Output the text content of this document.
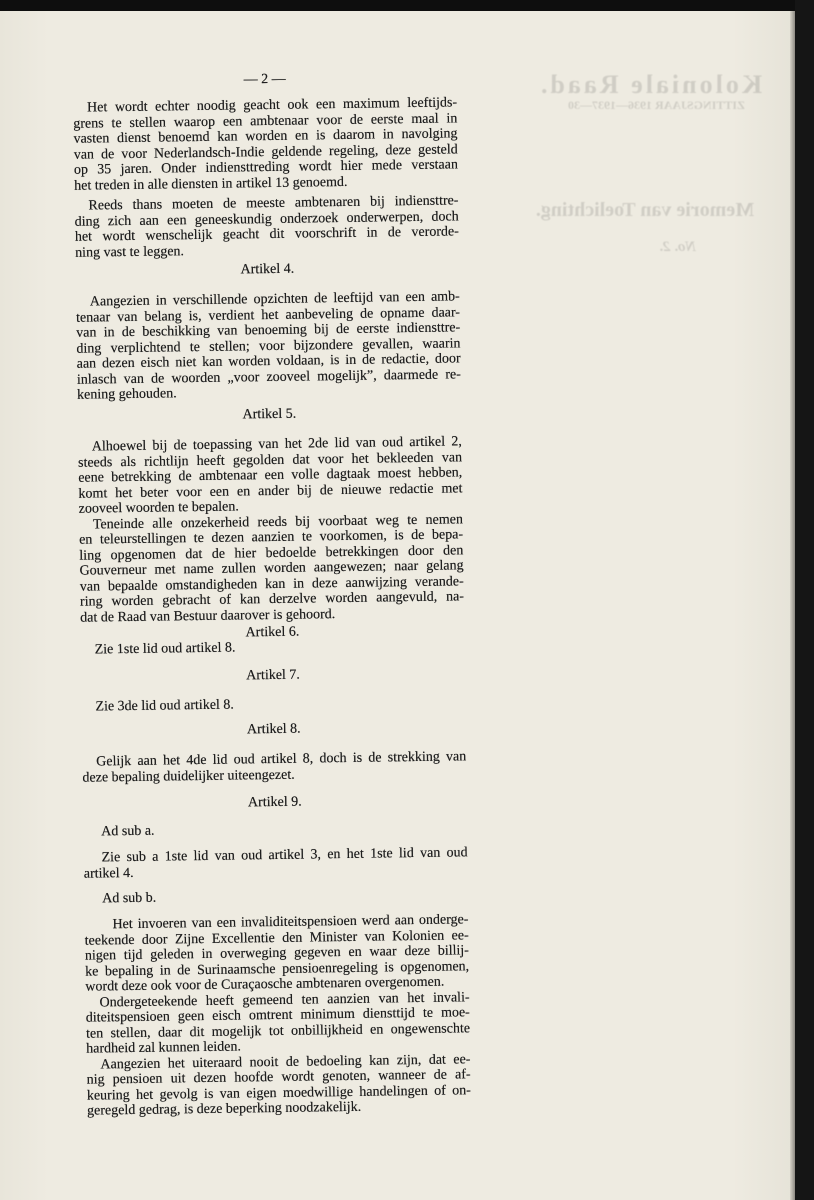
Koloniale Raad.
ZITTINGSJAAR 1936—1937—30
Memorie van Toelichting.
No. 2.
— 2 —
Het wordt echter noodig geacht ook een maximum leeftijds-
grens te stellen waarop een ambtenaar voor de eerste maal in
vasten dienst benoemd kan worden en is daarom in navolging
van de voor Nederlandsch-Indie geldende regeling, deze gesteld
op 35 jaren. Onder indiensttreding wordt hier mede verstaan
het treden in alle diensten in artikel 13 genoemd.
Reeds thans moeten de meeste ambtenaren bij indiensttre-
ding zich aan een geneeskundig onderzoek onderwerpen, doch
het wordt wenschelijk geacht dit voorschrift in de verorde-
ning vast te leggen.
Artikel 4.
Aangezien in verschillende opzichten de leeftijd van een amb-
tenaar van belang is, verdient het aanbeveling de opname daar-
van in de beschikking van benoeming bij de eerste indiensttre-
ding verplichtend te stellen; voor bijzondere gevallen, waarin
aan dezen eisch niet kan worden voldaan, is in de redactie, door
inlasch van de woorden „voor zooveel mogelijk”, daarmede re-
kening gehouden.
Artikel 5.
Alhoewel bij de toepassing van het 2de lid van oud artikel 2,
steeds als richtlijn heeft gegolden dat voor het bekleeden van
eene betrekking de ambtenaar een volle dagtaak moest hebben,
komt het beter voor een en ander bij de nieuwe redactie met
zooveel woorden te bepalen.
Teneinde alle onzekerheid reeds bij voorbaat weg te nemen
en teleurstellingen te dezen aanzien te voorkomen, is de bepa-
ling opgenomen dat de hier bedoelde betrekkingen door den
Gouverneur met name zullen worden aangewezen; naar gelang
van bepaalde omstandigheden kan in deze aanwijzing verande-
ring worden gebracht of kan derzelve worden aangevuld, na-
dat de Raad van Bestuur daarover is gehoord.
Artikel 6.
Zie 1ste lid oud artikel 8.
Artikel 7.
Zie 3de lid oud artikel 8.
Artikel 8.
Gelijk aan het 4de lid oud artikel 8, doch is de strekking van
deze bepaling duidelijker uiteengezet.
Artikel 9.
Ad sub a.
Zie sub a 1ste lid van oud artikel 3, en het 1ste lid van oud
artikel 4.
Ad sub b.
Het invoeren van een invaliditeitspensioen werd aan onderge-
teekende door Zijne Excellentie den Minister van Kolonien ee-
nigen tijd geleden in overweging gegeven en waar deze billij-
ke bepaling in de Surinaamsche pensioenregeling is opgenomen,
wordt deze ook voor de Curaçaosche ambtenaren overgenomen.
Ondergeteekende heeft gemeend ten aanzien van het invali-
diteitspensioen geen eisch omtrent minimum diensttijd te moe-
ten stellen, daar dit mogelijk tot onbillijkheid en ongewenschte
hardheid zal kunnen leiden.
Aangezien het uiteraard nooit de bedoeling kan zijn, dat ee-
nig pensioen uit dezen hoofde wordt genoten, wanneer de af-
keuring het gevolg is van eigen moedwillige handelingen of on-
geregeld gedrag, is deze beperking noodzakelijk.
